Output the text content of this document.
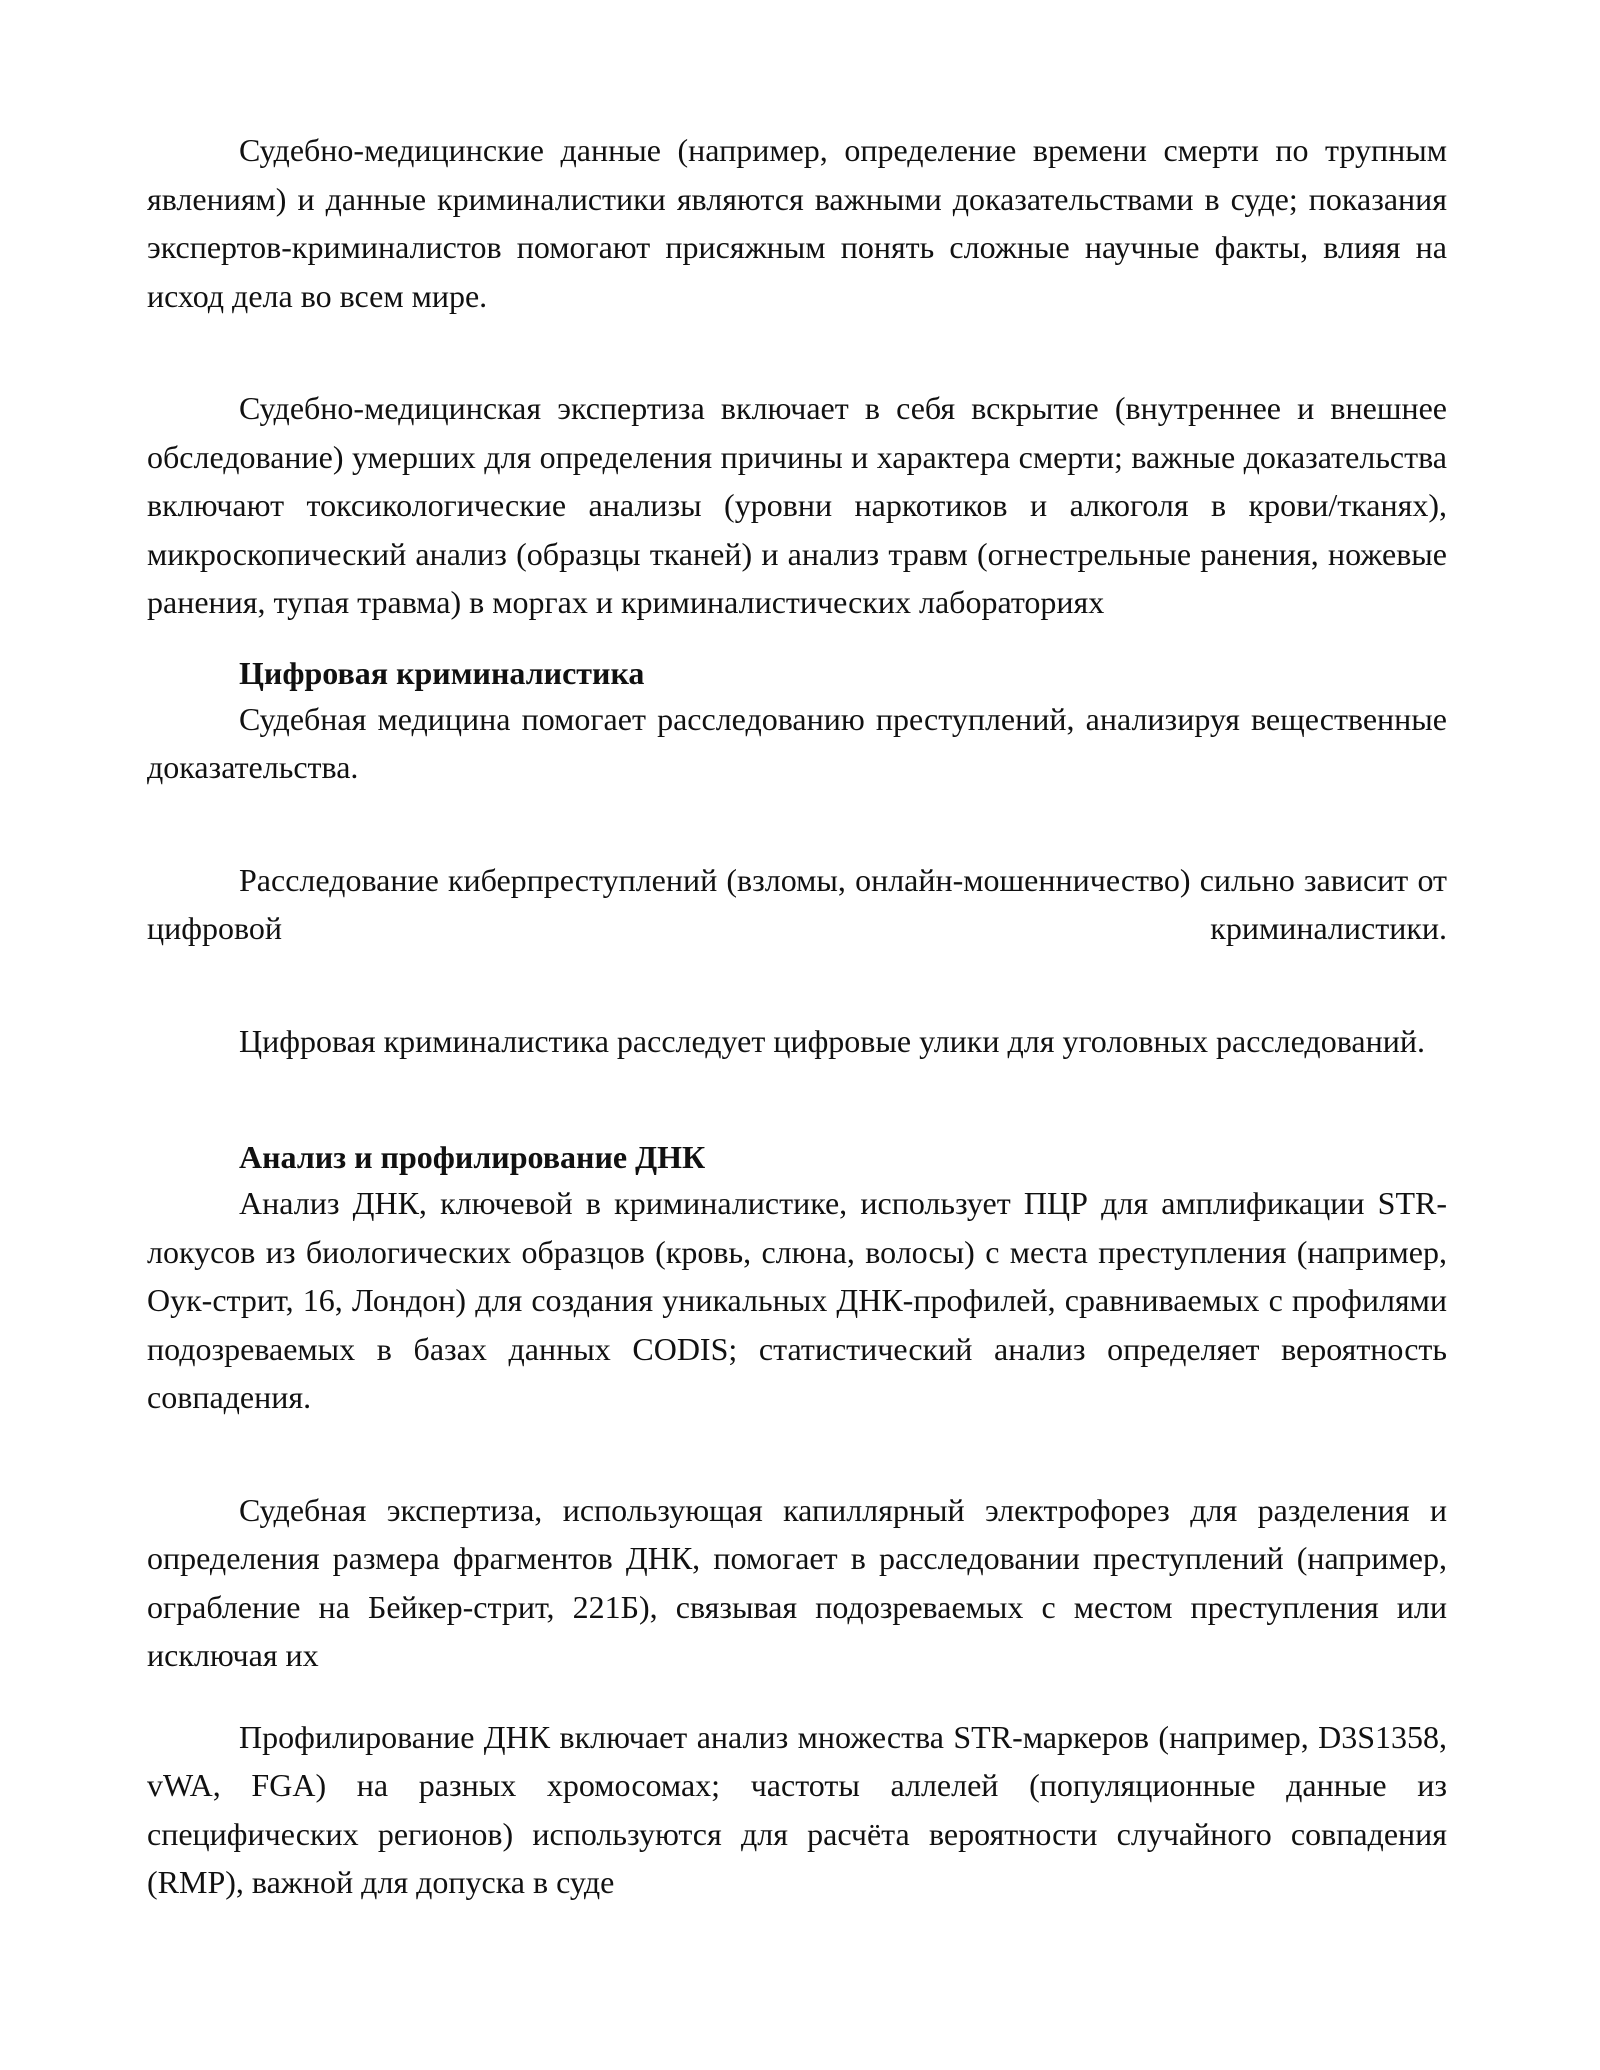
Судебно-медицинские данные (например, определение времени смерти по трупным явлениям) и данные криминалистики являются важными доказательствами в суде; показания экспертов-криминалистов помогают присяжным понять сложные научные факты, влияя на исход дела во всем мире.

Судебно-медицинская экспертиза включает в себя вскрытие (внутреннее и внешнее обследование) умерших для определения причины и характера смерти; важные доказательства включают токсикологические анализы (уровни наркотиков и алкоголя в крови/тканях), микроскопический анализ (образцы тканей) и анализ травм (огнестрельные ранения, ножевые ранения, тупая травма) в моргах и криминалистических лабораториях

Цифровая криминалистика

Судебная медицина помогает расследованию преступлений, анализируя вещественные доказательства.

Расследование киберпреступлений (взломы, онлайн-мошенничество) сильно зависит от цифровой криминалистики.

Цифровая криминалистика расследует цифровые улики для уголовных расследований.

Анализ и профилирование ДНК

Анализ ДНК, ключевой в криминалистике, использует ПЦР для амплификации STR-локусов из биологических образцов (кровь, слюна, волосы) с места преступления (например, Оук-стрит, 16, Лондон) для создания уникальных ДНК-профилей, сравниваемых с профилями подозреваемых в базах данных CODIS; статистический анализ определяет вероятность совпадения.

Судебная экспертиза, использующая капиллярный электрофорез для разделения и определения размера фрагментов ДНК, помогает в расследовании преступлений (например, ограбление на Бейкер-стрит, 221Б), связывая подозреваемых с местом преступления или исключая их

Профилирование ДНК включает анализ множества STR-маркеров (например, D3S1358, vWA, FGA) на разных хромосомах; частоты аллелей (популяционные данные из специфических регионов) используются для расчёта вероятности случайного совпадения (RMP), важной для допуска в суде
